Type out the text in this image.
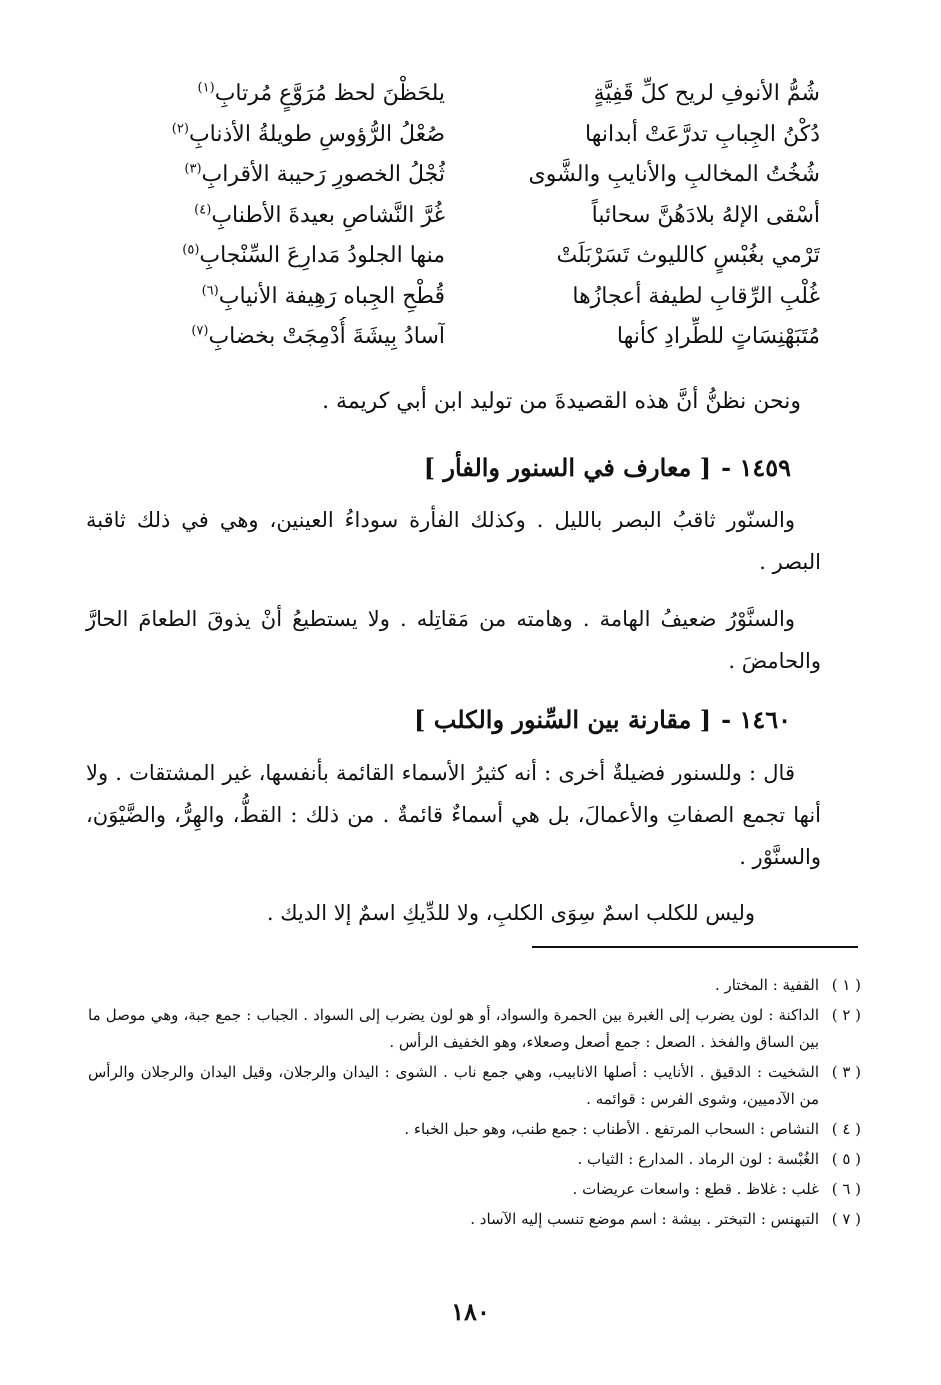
شُمُّ الأنوفِ لريح كلِّ قَفِيَّةٍ
يلحَظْنَ لحظ مُرَوَّعٍ مُرتابِ$^{(١)}$
دُكْنُ الجِبابِ تدرَّعَتْ أبدانها
صُعْلُ الرُّؤوسِ طويلةُ الأذنابِ$^{(٢)}$
شُخُتُ المخالبِ والأنايبِ والشَّوى
ثُجْلُ الخصورِ رَحيبة الأقرابِ$^{(٣)}$
أسْقى الإلهُ بلادَهُنَّ سحائباً
غُرَّ النَّشاصِ بعيدةَ الأطنابِ$^{(٤)}$
تَرْمي بغُبْسٍ كالليوث تَسَرْبَلَتْ
منها الجلودُ مَدارِعَ السِّنْجابِ$^{(٥)}$
غُلْبِ الرِّقابِ لطيفة أعجازُها
قُطْحِ الجِباه رَهِيفة الأنيابِ$^{(٦)}$
مُتَبَهْنِسَاتٍ للطِّرادِ كأنها
آسادُ بِيشَةَ أُدْمِجَتْ بخضابِ$^{(٧)}$
ونحن نظنُّ أنَّ هذه القصيدةَ من توليد ابن أبي كريمة .
١٤٥٩ -[ معارف في السنور والفأر ]

والسنّور ثاقبُ البصر بالليل . وكذلك الفأرة سوداءُ العينين، وهي في ذلك ثاقبة البصر .

والسنَّوْرُ ضعيفُ الهامة . وهامته من مَقاتِله . ولا يستطيعُ أنْ يذوقَ الطعامَ الحارَّ والحامضَ .

١٤٦٠ -[ مقارنة بين السِّنور والكلب ]

قال : وللسنور فضيلةٌ أخرى : أنه كثيرُ الأسماء القائمة بأنفسها، غير المشتقات . ولا أنها تجمع الصفاتِ والأعمالَ، بل هي أسماءٌ قائمةٌ . من ذلك : القطُّ، والهِرُّ، والضَّيْوَن، والسنَّوْر .

وليس للكلب اسمٌ سِوَى الكلبِ، ولا للدِّيكِ اسمٌ إلا الديك .

( ١ )
القفية : المختار .
( ٢ )
الداكنة : لون يضرب إلى الغبرة بين الحمرة والسواد، أو هو لون يضرب إلى السواد . الجباب : جمع جبة، وهي موصل ما بين الساق والفخذ . الصعل : جمع أصعل وصعلاء، وهو الخفيف الرأس .
( ٣ )
الشخيت : الدقيق . الأنايب : أصلها الانابيب، وهي جمع ناب . الشوى : اليدان والرجلان، وقيل اليدان والرجلان والرأس من الآدميين، وشوى الفرس : قوائمه .
( ٤ )
النشاص : السحاب المرتفع . الأطناب : جمع طنب، وهو حبل الخباء .
( ٥ )
الغُبْسة : لون الرماد . المدارع : الثياب .
( ٦ )
غلب : غلاظ . قطع : واسعات عريضات .
( ٧ )
التبهنس : التبختر . بيشة : اسم موضع تنسب إليه الآساد .
١٨٠
